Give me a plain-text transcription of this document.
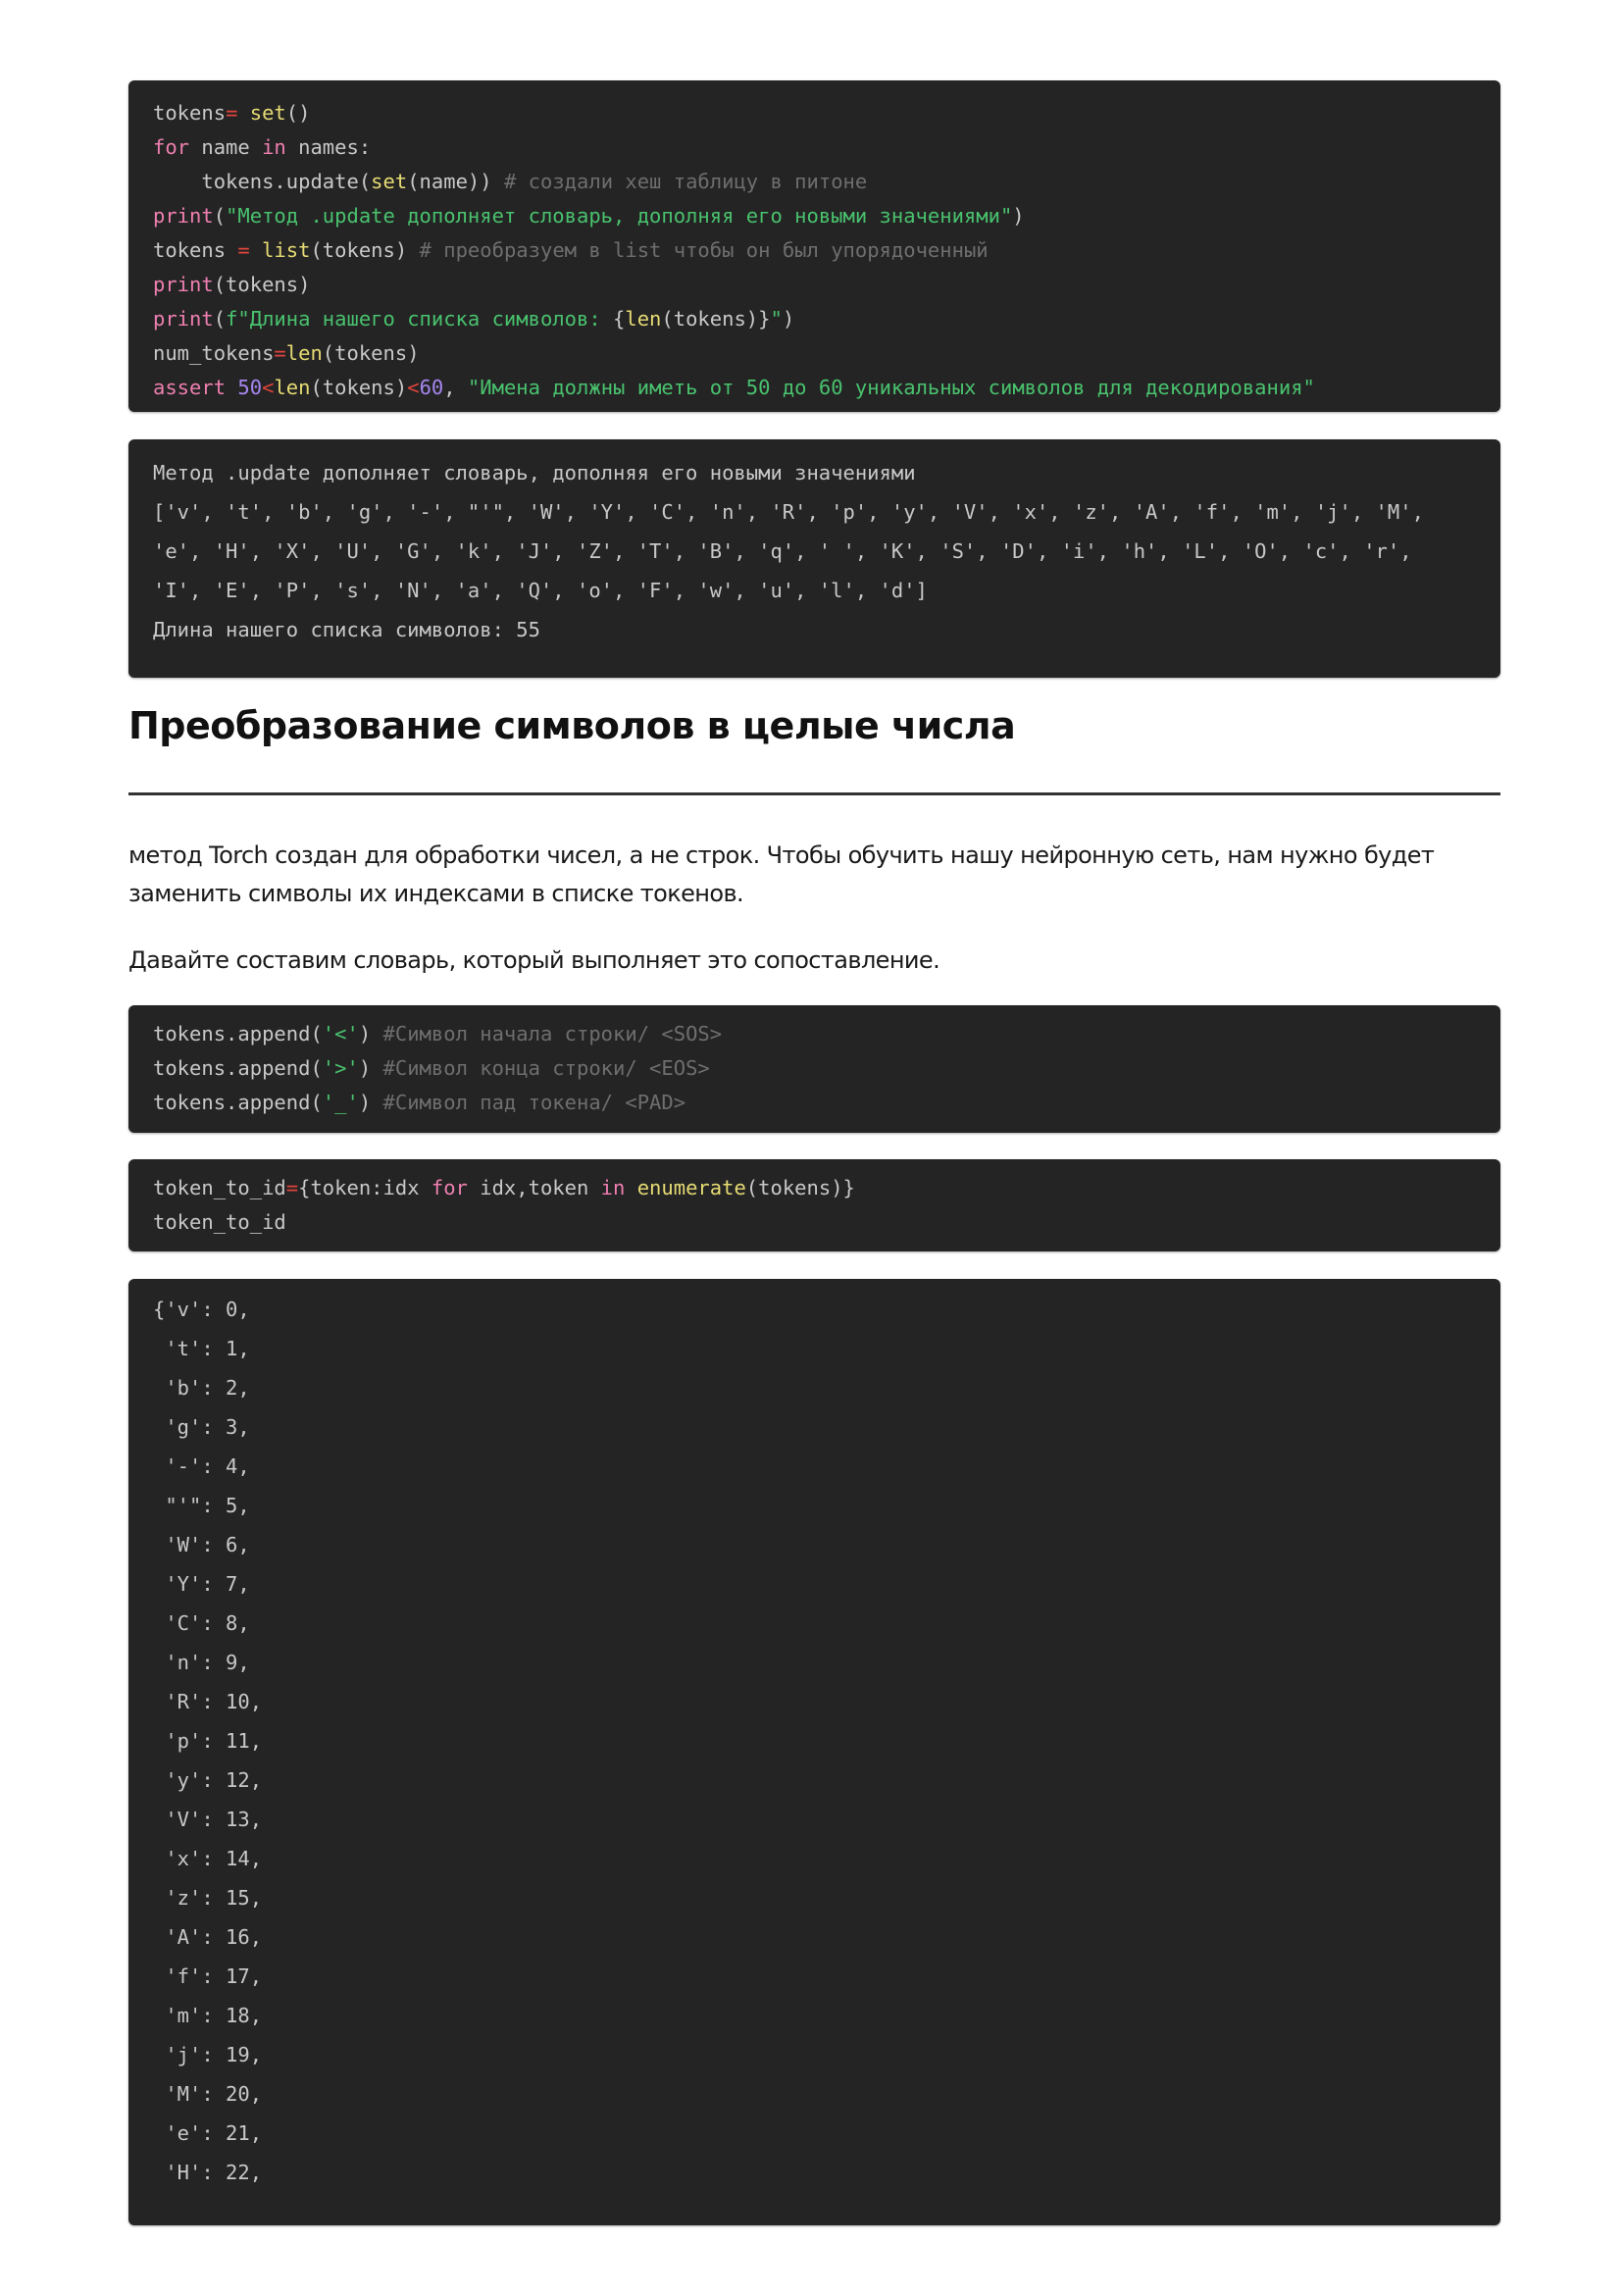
tokens= set()
for name in names:
tokens.update(set(name)) # создали хеш таблицу в питоне
print("Метод .update дополняет словарь, дополняя его новыми значениями")
tokens = list(tokens) # преобразуем в list чтобы он был упорядоченный
print(tokens)
print(f"Длина нашего списка символов: {len(tokens)}")
num_tokens=len(tokens)
assert 50<len(tokens)<60, "Имена должны иметь от 50 до 60 уникальных символов для декодирования"
Метод .update дополняет словарь, дополняя его новыми значениями
['v', 't', 'b', 'g', '-', "'", 'W', 'Y', 'C', 'n', 'R', 'p', 'y', 'V', 'x', 'z', 'A', 'f', 'm', 'j', 'M',
'e', 'H', 'X', 'U', 'G', 'k', 'J', 'Z', 'T', 'B', 'q', ' ', 'K', 'S', 'D', 'i', 'h', 'L', 'O', 'c', 'r',
'I', 'E', 'P', 's', 'N', 'a', 'Q', 'o', 'F', 'w', 'u', 'l', 'd']
Длина нашего списка символов: 55
Преобразование символов в целые числа

метод Torch создан для обработки чисел, а не строк. Чтобы обучить нашу нейронную сеть, нам нужно будет заменить символы их индексами в списке токенов.

Давайте составим словарь, который выполняет это сопоставление.

tokens.append('<') #Символ начала строки/ <SOS>
tokens.append('>') #Символ конца строки/ <EOS>
tokens.append('_') #Символ пад токена/ <PAD>
token_to_id={token:idx for idx,token in enumerate(tokens)}
token_to_id
{'v': 0,
't': 1,
'b': 2,
'g': 3,
'-': 4,
"'": 5,
'W': 6,
'Y': 7,
'C': 8,
'n': 9,
'R': 10,
'p': 11,
'y': 12,
'V': 13,
'x': 14,
'z': 15,
'A': 16,
'f': 17,
'm': 18,
'j': 19,
'M': 20,
'e': 21,
'H': 22,
